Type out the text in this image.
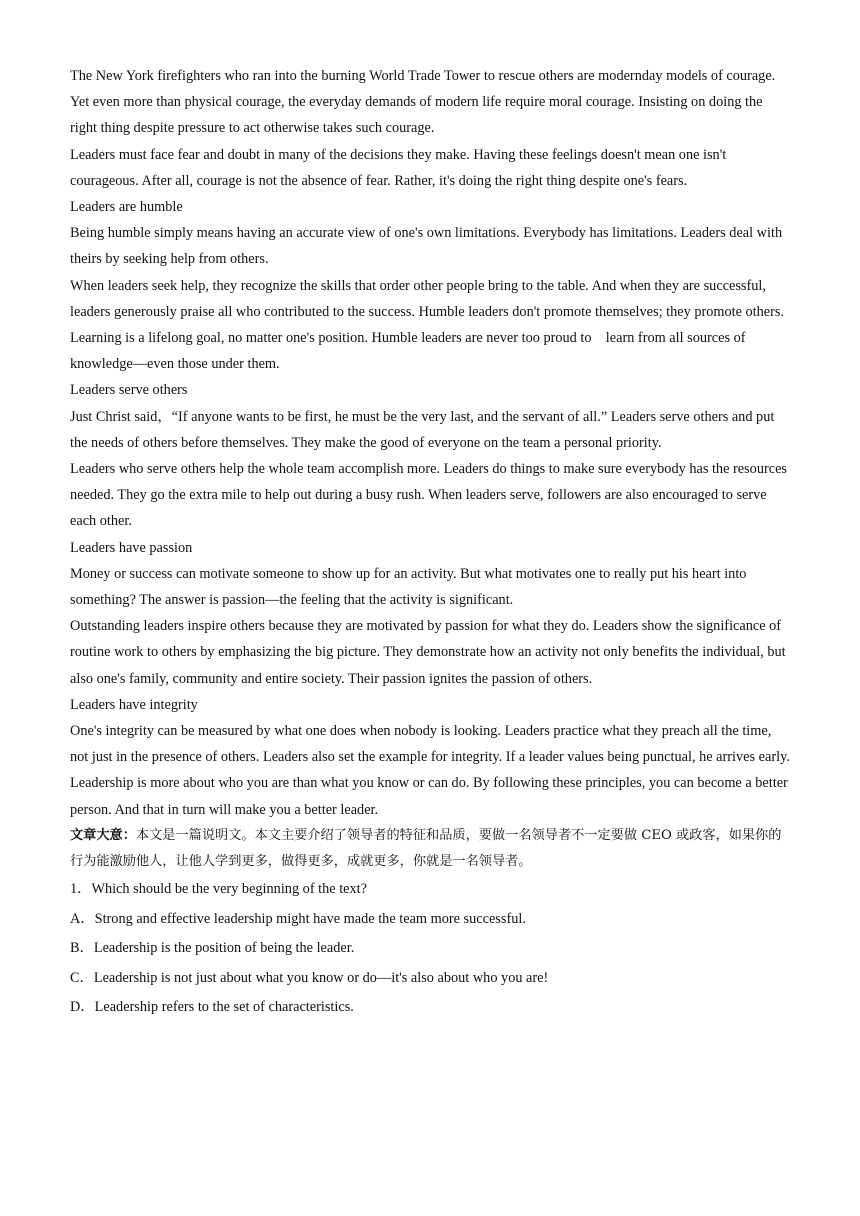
The New York firefighters who ran into the burning World Trade Tower to rescue others are modernday models of courage. Yet even more than physical courage, the everyday demands of modern life require moral courage. Insisting on doing the right thing despite pressure to act otherwise takes such courage.

Leaders must face fear and doubt in many of the decisions they make. Having these feelings doesn't mean one isn't courageous. After all, courage is not the absence of fear. Rather, it's doing the right thing despite one's fears.

Leaders are humble

Being humble simply means having an accurate view of one's own limitations. Everybody has limitations. Leaders deal with theirs by seeking help from others.

When leaders seek help, they recognize the skills that order other people bring to the table. And when they are successful, leaders generously praise all who contributed to the success. Humble leaders don't promote themselves; they promote others.

Learning is a lifelong goal, no matter one's position. Humble leaders are never too proud to　learn from all sources of knowledge—even those under them.

Leaders serve others

Just Christ said，“If anyone wants to be first, he must be the very last, and the servant of all.” Leaders serve others and put the needs of others before themselves. They make the good of everyone on the team a personal priority.

Leaders who serve others help the whole team accomplish more. Leaders do things to make sure everybody has the resources needed. They go the extra mile to help out during a busy rush. When leaders serve, followers are also encouraged to serve each other.

Leaders have passion

Money or success can motivate someone to show up for an activity. But what motivates one to really put his heart into something? The answer is passion—the feeling that the activity is significant.

Outstanding leaders inspire others because they are motivated by passion for what they do. Leaders show the significance of routine work to others by emphasizing the big picture. They demonstrate how an activity not only benefits the individual, but also one's family, community and entire society. Their passion ignites the passion of others.

Leaders have integrity

One's integrity can be measured by what one does when nobody is looking. Leaders practice what they preach all the time, not just in the presence of others. Leaders also set the example for integrity. If a leader values being punctual, he arrives early.

Leadership is more about who you are than what you know or can do. By following these principles, you can become a better person. And that in turn will make you a better leader.

文章大意：本文是一篇说明文。本文主要介绍了领导者的特征和品质，要做一名领导者不一定要做 CEO 或政客，如果你的行为能激励他人，让他人学到更多，做得更多，成就更多，你就是一名领导者。

1．Which should be the very beginning of the text?

A．Strong and effective leadership might have made the team more successful.

B．Leadership is the position of being the leader.

C．Leadership is not just about what you know or do—it's also about who you are!

D．Leadership refers to the set of characteristics.
